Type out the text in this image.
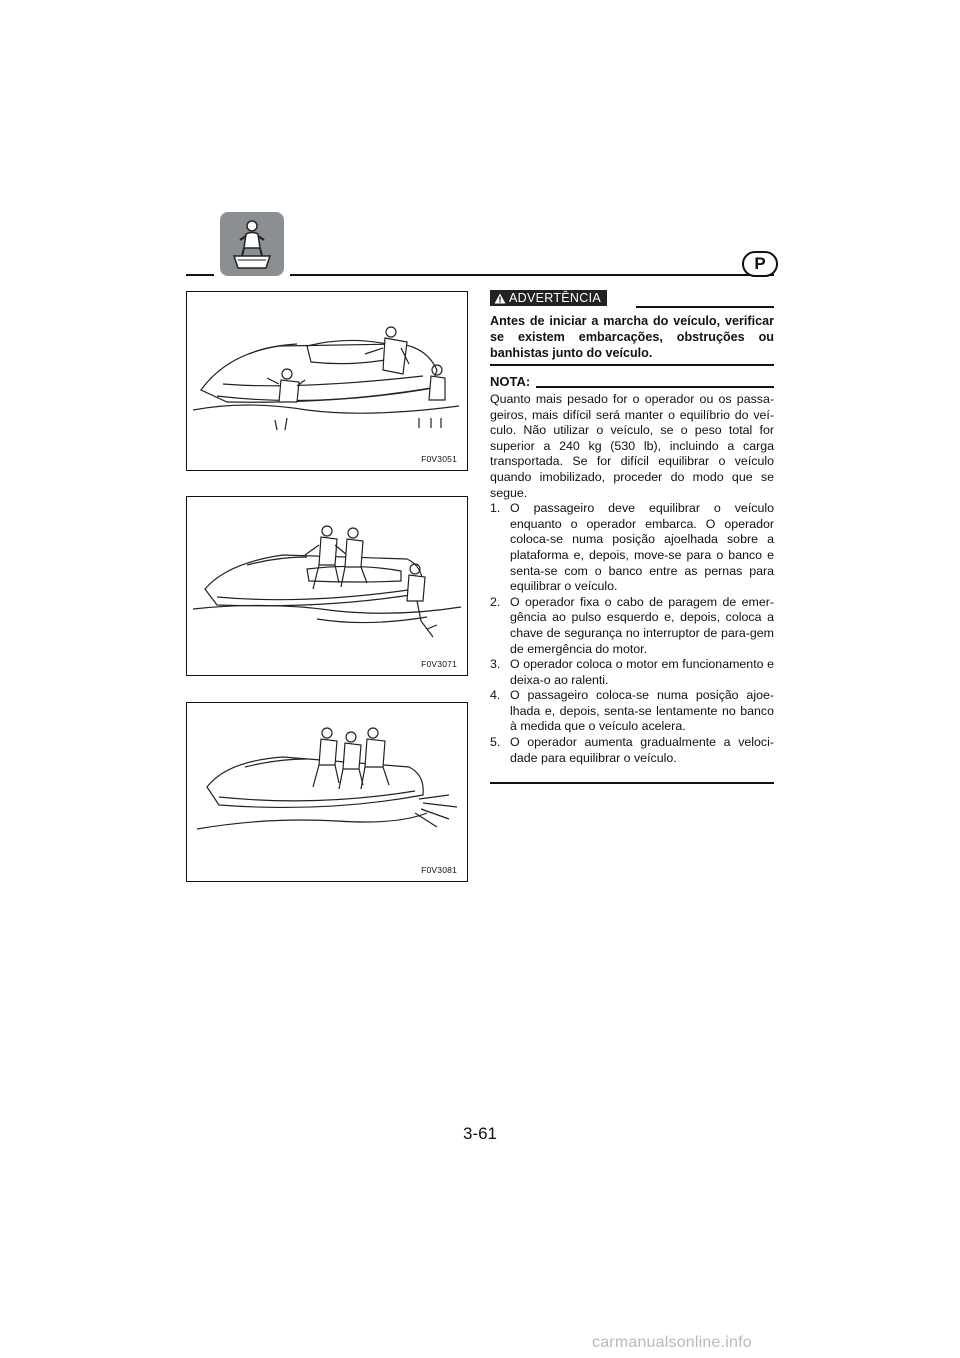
P
F0V3051
F0V3071
F0V3081
ADVERTÊNCIA
Antes de iniciar a marcha do veículo, verificar se existem embarcações, obstruções ou banhistas junto do veículo.
NOTA:

Quanto mais pesado for o operador ou os passa-geiros, mais difícil será manter o equilíbrio do veí-culo. Não utilizar o veículo, se o peso total for superior a 240 kg (530 lb), incluindo a carga transportada. Se for difícil equilibrar o veículo quando imobilizado, proceder do modo que se segue.

1. O passageiro deve equilibrar o veículo enquanto o operador embarca. O operador coloca-se numa posição ajoelhada sobre a plataforma e, depois, move-se para o banco e senta-se com o banco entre as pernas para equilibrar o veículo.
2. O operador fixa o cabo de paragem de emer-gência ao pulso esquerdo e, depois, coloca a chave de segurança no interruptor de para-gem de emergência do motor.
3. O operador coloca o motor em funcionamento e deixa-o ao ralenti.
4. O passageiro coloca-se numa posição ajoe-lhada e, depois, senta-se lentamente no banco à medida que o veículo acelera.
5. O operador aumenta gradualmente a veloci-dade para equilibrar o veículo.
3-61
carmanualsonline.info
